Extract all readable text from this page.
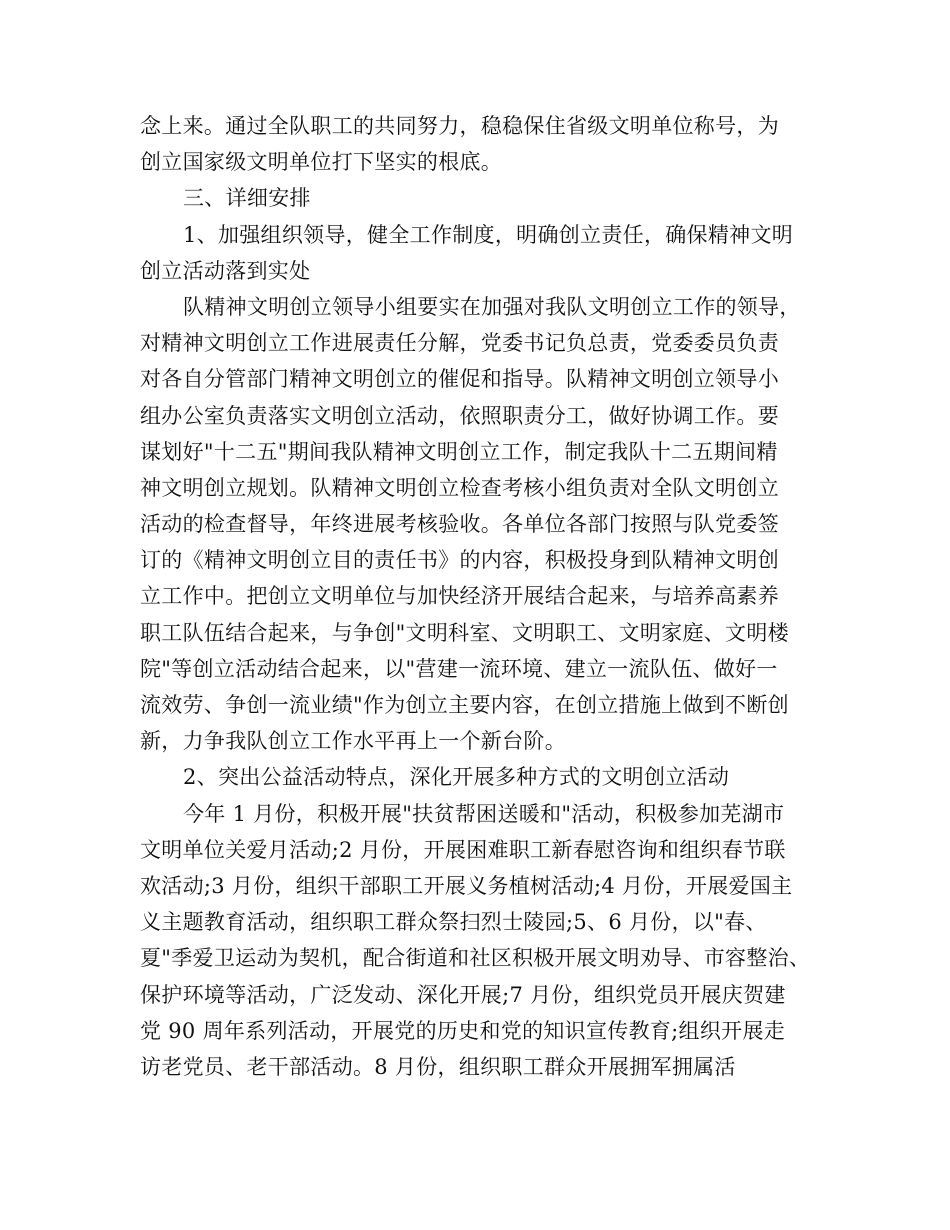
念上来。通过全队职工的共同努力，稳稳保住省级文明单位称号，为
创立国家级文明单位打下坚实的根底。
三、详细安排
1、加强组织领导，健全工作制度，明确创立责任，确保精神文明
创立活动落到实处
队精神文明创立领导小组要实在加强对我队文明创立工作的领导，
对精神文明创立工作进展责任分解，党委书记负总责，党委委员负责
对各自分管部门精神文明创立的催促和指导。队精神文明创立领导小
组办公室负责落实文明创立活动，依照职责分工，做好协调工作。要
谋划好"十二五"期间我队精神文明创立工作，制定我队十二五期间精
神文明创立规划。队精神文明创立检查考核小组负责对全队文明创立
活动的检查督导，年终进展考核验收。各单位各部门按照与队党委签
订的《精神文明创立目的责任书》的内容，积极投身到队精神文明创
立工作中。把创立文明单位与加快经济开展结合起来，与培养高素养
职工队伍结合起来，与争创"文明科室、文明职工、文明家庭、文明楼
院"等创立活动结合起来，以"营建一流环境、建立一流队伍、做好一
流效劳、争创一流业绩"作为创立主要内容，在创立措施上做到不断创
新，力争我队创立工作水平再上一个新台阶。
2、突出公益活动特点，深化开展多种方式的文明创立活动
今年 1 月份，积极开展"扶贫帮困送暖和"活动，积极参加芜湖市
文明单位关爱月活动;2 月份，开展困难职工新春慰咨询和组织春节联
欢活动;3 月份，组织干部职工开展义务植树活动;4 月份，开展爱国主
义主题教育活动，组织职工群众祭扫烈士陵园;5、6 月份，以"春、
夏"季爱卫运动为契机，配合街道和社区积极开展文明劝导、市容整治、
保护环境等活动，广泛发动、深化开展;7 月份，组织党员开展庆贺建
党 90 周年系列活动，开展党的历史和党的知识宣传教育;组织开展走
访老党员、老干部活动。8 月份，组织职工群众开展拥军拥属活
